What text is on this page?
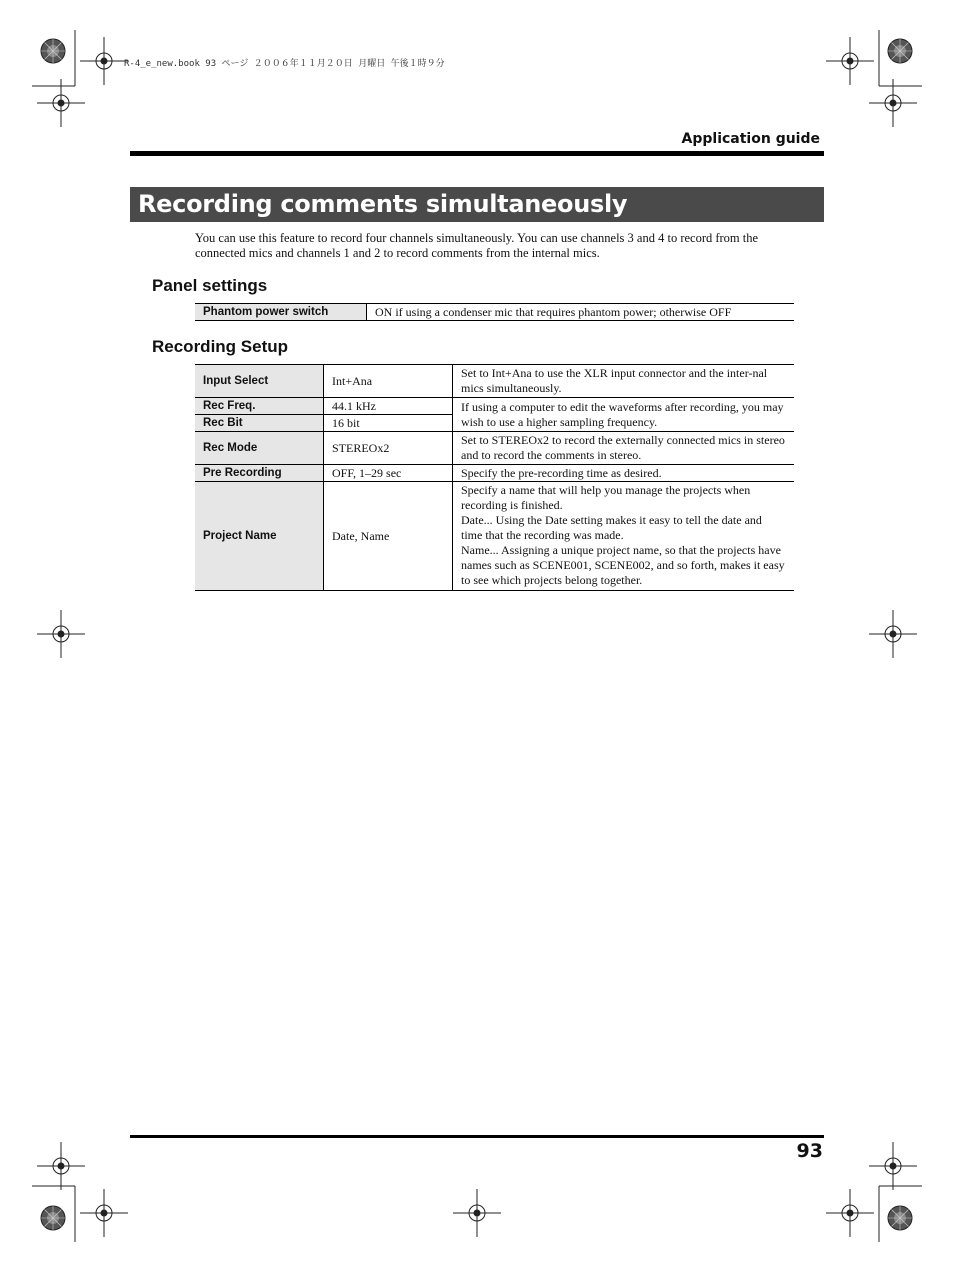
R-4_e_new.book 93 ページ ２００６年１１月２０日 月曜日 午後１時９分
Application guide
Recording comments simultaneously
You can use this feature to record four channels simultaneously. You can use channels 3 and 4 to record from the connected mics and channels 1 and 2 to record comments from the internal mics.
Panel settings
Phantom power switch	ON if using a condenser mic that requires phantom power; otherwise OFF
Recording Setup
Input Select	Int+Ana	Set to Int+Ana to use the XLR input connector and the inter-nal mics simultaneously.
Rec Freq.	44.1 kHz	If using a computer to edit the waveforms after recording, you may wish to use a higher sampling frequency.
Rec Bit	16 bit	
Rec Mode	STEREOx2	Set to STEREOx2 to record the externally connected mics in stereo and to record the comments in stereo.
Pre Recording	OFF, 1–29 sec	Specify the pre-recording time as desired.
Project Name	Date, Name	Specify a name that will help you manage the projects when recording is finished.
Date... Using the Date setting makes it easy to tell the date and time that the recording was made.
Name... Assigning a unique project name, so that the projects have names such as SCENE001, SCENE002, and so forth, makes it easy to see which projects belong together.
93
